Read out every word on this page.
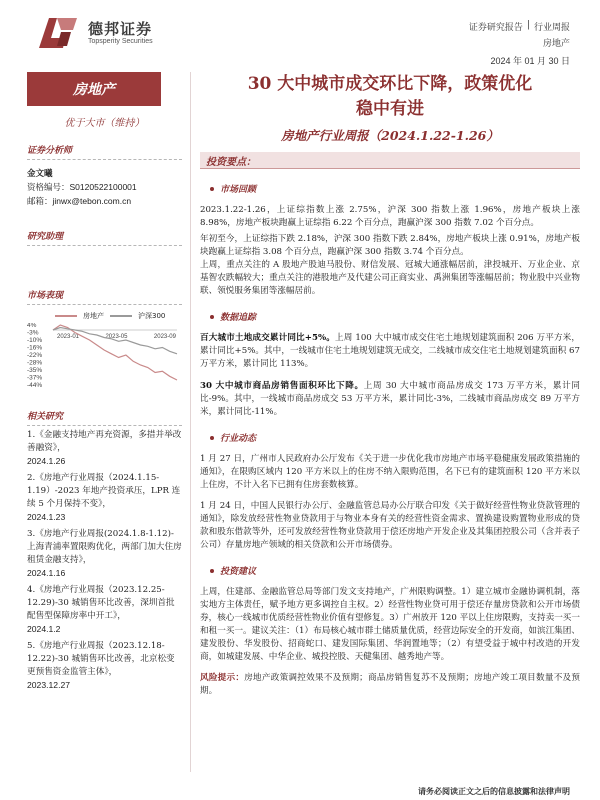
德邦证券
Topsperity Securities
证券研究报告 | 行业周报
房地产
2024 年 01 月 30 日
房地产	30 大中城市成交环比下降，政策优化
稳中有进
房地产行业周报（2024.1.22-1.26）
优于大市（维持）
证券分析师
金文曦
资格编号：S0120522100001
邮箱：jinwx@tebon.com.cn
研究助理
市场表现
房地产	沪深300
4%
-3%
-10%
-16%
-22%
-28%
-35%
-37%
-44%
2023-01	2023-05	2023-09
相关研究
1.《金融支持地产再充资源，多措并举改善融资》，
2024.1.26
2.《房地产行业周报（2024.1.15-1.19）-2023 年地产投资承压，LPR 连续 5 个月保持不变》，
2024.1.23
3.《房地产行业周报(2024.1.8-1.12)-上海青浦率置限购优化，两部门加大住房租赁金融支持》，
2024.1.16
4.《房地产行业周报（2023.12.25-12.29)-30 城销售环比改善，深圳首批配售型保障房率中开工》，
2024.1.2
5.《房地产行业周报（2023.12.18-12.22)-30 城销售环比改善，北京松变更预售资金监管主体》，
2023.12.27
投资要点：
市场回顾

2023.1.22-1.26，上证综指数上涨 2.75%，沪深 300 指数上涨 1.96%，房地产板块上涨 8.98%，房地产板块跑赢上证综指 6.22 个百分点，跑赢沪深 300 指数 7.02 个百分点。

年初至今，上证综指下跌 2.18%，沪深 300 指数下跌 2.84%，房地产板块上涨 0.91%，房地产板块跑赢上证综指 3.08 个百分点，跑赢沪深 300 指数 3.74 个百分点。

上周，重点关注的 A 股地产股迪马股份、财信发展、冠城大通涨幅居前，津投城开、万业企业、京基智农跌幅较大；重点关注的港股地产及代建公司正商实业、禹洲集团等涨幅居前；物业股中兴业物联、领悦服务集团等涨幅居前。

数据追踪

百大城市土地成交累计同比+5%。上周 100 大中城市成交住宅土地规划建筑面积 206 万平方米，累计同比+5%。其中，一线城市住宅土地规划建筑无成交，二线城市成交住宅土地规划建筑面积 67 万平方米，累计同比 113%。

30 大中城市商品房销售面积环比下降。上周 30 大中城市商品房成交 173 万平方米，累计同比-9%。其中，一线城市商品房成交 53 万平方米，累计同比-3%，二线城市商品房成交 89 万平方米，累计同比-11%。

行业动态

1 月 27 日，广州市人民政府办公厅发布《关于进一步优化我市房地产市场平稳健康发展政策措施的通知》，在限购区域内 120 平方米以上的住房不纳入限购范围，名下已有的建筑面积 120 平方米以上住房，不计入名下已拥有住房套数核算。

1 月 24 日，中国人民银行办公厅、金融监管总局办公厅联合印发《关于做好经营性物业贷款管理的通知》，除发放经营性物业贷款用于与物业本身有关的经营性资金需求、置换建设购置物业形成的贷款和股东借款等外，还可发放经营性物业贷款用于偿还房地产开发企业及其集团控股公司（含并表子公司）存量房地产领域的相关贷款和公开市场债券。

投资建议

上周，住建部、金融监管总局等部门发文支持地产，广州限购调整。1）建立城市金融协调机制，落实地方主体责任，赋予地方更多调控自主权。2）经营性物业贷可用于偿还存量房贷款和公开市场债券，核心一线城市优质经营性物业价值有望修复。3）广州放开 120 平以上住房限购，支持卖一买一和租一买一。建议关注：（1）布局核心城市群土储质量优质，经营边际安全的开发商，如滨江集团、建发股份、华发股份、招商蛇口、建发国际集团、华润置地等；（2）有望受益于城中村改造的开发商，如城建发展、中华企业、城投控股、天健集团、越秀地产等。

风险提示：房地产政策调控效果不及预期；商品房销售复苏不及预期；房地产竣工项目数量不及预期。

请务必阅读正文之后的信息披露和法律声明
